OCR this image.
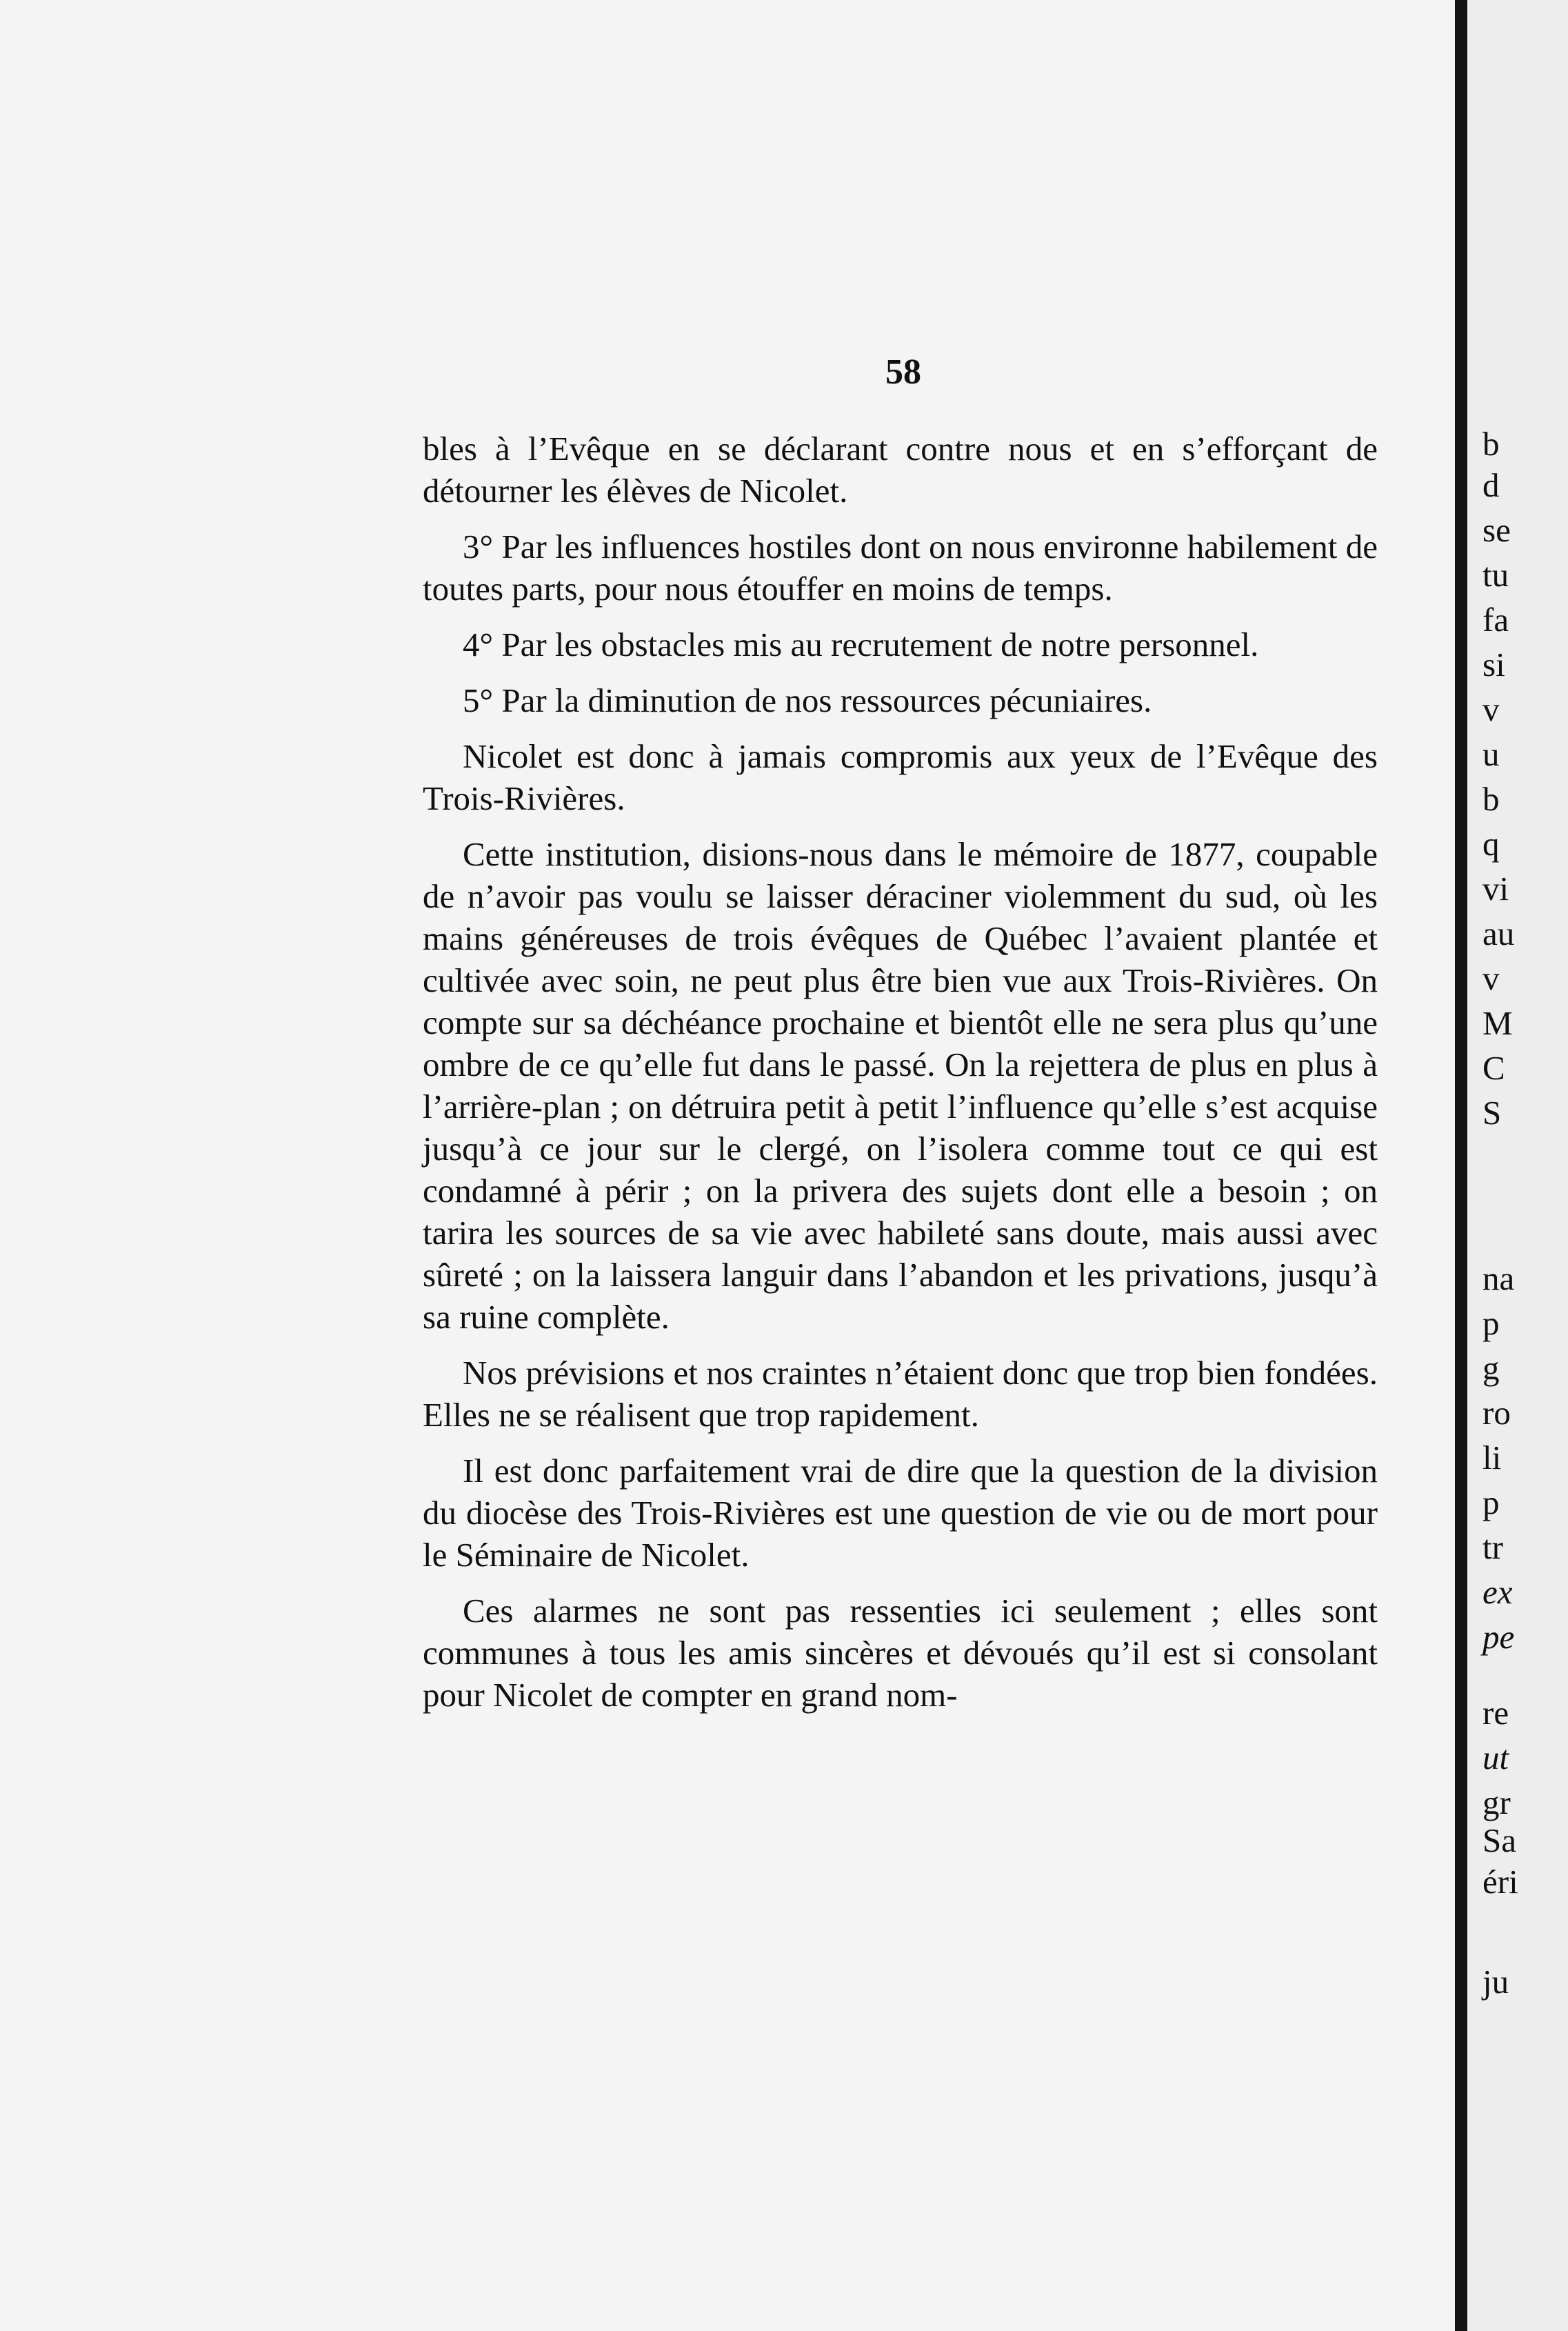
58

bles à l’Evêque en se déclarant contre nous et en s’efforçant de détourner les élèves de Nicolet.

3° Par les influences hostiles dont on nous environne habilement de toutes parts, pour nous étouffer en moins de temps.

4° Par les obstacles mis au recrutement de notre personnel.

5° Par la diminution de nos ressources pécuniaires.

Nicolet est donc à jamais compromis aux yeux de l’Evêque des Trois-Rivières.

Cette institution, disions-nous dans le mémoire de 1877, coupable de n’avoir pas voulu se laisser déraciner violemment du sud, où les mains généreuses de trois évêques de Québec l’avaient plantée et cultivée avec soin, ne peut plus être bien vue aux Trois-Rivières. On compte sur sa déchéance prochaine et bientôt elle ne sera plus qu’une ombre de ce qu’elle fut dans le passé. On la rejettera de plus en plus à l’arrière-plan ; on détruira petit à petit l’influence qu’elle s’est acquise jusqu’à ce jour sur le clergé, on l’isolera comme tout ce qui est condamné à périr ; on la privera des sujets dont elle a besoin ; on tarira les sources de sa vie avec habileté sans doute, mais aussi avec sûreté ; on la laissera languir dans l’abandon et les privations, jusqu’à sa ruine complète.

Nos prévisions et nos craintes n’étaient donc que trop bien fondées. Elles ne se réalisent que trop rapidement.

Il est donc parfaitement vrai de dire que la question de la division du diocèse des Trois-Rivières est une question de vie ou de mort pour le Séminaire de Nicolet.

Ces alarmes ne sont pas ressenties ici seulement ; elles sont communes à tous les amis sincères et dévoués qu’il est si consolant pour Nicolet de compter en grand nom-

b
d
se
tu
fa
si
v
u
b
q
vi
au
v
M
C
S
na
p
g
ro
li
p
tr
ex
pe
re
ut
gr
Sa
éri
ju
